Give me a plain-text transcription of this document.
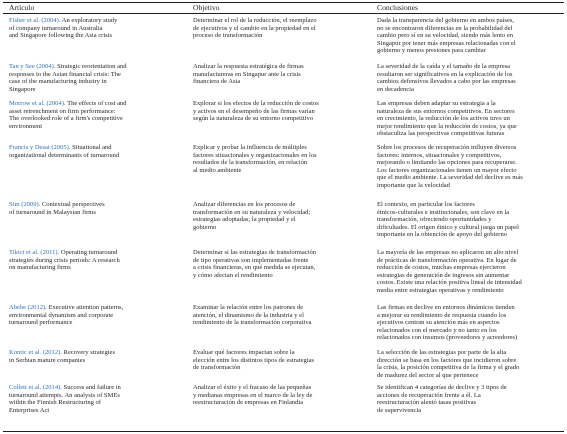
Artículo	Objetivo	Conclusiones
Fisher et al. (2004). An exploratory study
of company turnaround in Australia
and Singapore following the Asia crisis
Determinar el rol de la reducción, el reemplazo
de ejecutivos y el cambio en la propiedad en el
proceso de transformación
Dada la transparencia del gobierno en ambos países,
no se encontraron diferencias en la probabilidad del
cambio pero sí en su velocidad, siendo más lento en
Singapur por tener más empresas relacionadas con el
gobierno y menos presiones para cambiar
Tan y See (2004). Strategic reorientation and
responses to the Asian financial crisis: The
case of the manufacturing industry in
Singapore
Analizar la respuesta estratégica de firmas
manufactureras en Singapur ante la crisis
financiera de Asia
La severidad de la caída y el tamaño de la empresa
resultaron ser significativos en la explicación de los
cambios defensivos llevados a cabo por las empresas
en decadencia
Morrow et al. (2004). The effects of cost and
asset retrenchment on firm performance:
The overlooked role of a firm's competitive
environment
Explorar si los efectos de la reducción de costos
y activos en el desempeño de las firmas varían
según la naturaleza de su entorno competitivo
Las empresas deben adaptar su estrategia a la
naturaleza de sus entornos competitivos. En sectores
en crecimiento, la reducción de los activos tuvo un
mejor rendimiento que la reducción de costos, ya que
obstaculiza las perspectivas competitivas futuras
Francis y Desai (2005). Situational and
organizational determinants of turnaround
Explicar y probar la influencia de múltiples
factores situacionales y organizacionales en los
resultados de la transformación, en relación
al medio ambiente
Sobre los procesos de recuperación influyen diversos
factores: internos, situacionales y competitivos,
mejorando o limitando las opciones para recuperarse.
Los factores organizacionales tienen un mayor efecto
que el medio ambiente. La severidad del declive es más
importante que la velocidad
Sim (2009). Contextual perspectives
of turnaround in Malaysian firms
Analizar diferencias en los procesos de
transformación en su naturaleza y velocidad;
estrategias adoptadas; la propiedad y el
gobierno
El contexto, en particular los factores
étnicos-culturales e institucionales, son clave en la
transformación, ofreciendo oportunidades y
dificultades. El origen étnico y cultural juega un papel
importante en la obtención de apoyo del gobierno
Tikici et al. (2011). Operating turnaround
strategies during crisis periods: A research
on manufacturing firms
Determinar si las estrategias de transformación
de tipo operativas son implementadas frente
a crisis financieras, en qué medida se ejecutan,
y cómo afectan el rendimiento
La mayoría de las empresas no aplicaron un alto nivel
de prácticas de transformación operativa. En lugar de
reducción de costos, muchas empresas ejercieron
estrategias de generación de ingresos sin aumentar
costos. Existe una relación positiva lineal de intensidad
media entre estrategias operativas y rendimiento
Abebe (2012). Executive attention patterns,
environmental dynamism and corporate
turnaround performance
Examinar la relación entre los patrones de
atención, el dinamismo de la industria y el
rendimiento de la transformación corporativa
Las firmas en declive en entornos dinámicos tienden
a mejorar su rendimiento de respuesta cuando los
ejecutivos centran su atención más en aspectos
relacionados con el mercado y no tanto en los
relacionados con insumos (proveedores y acreedores)
Kontic et al. (2012). Recovery strategies
in Serbian mature companies
Evaluar qué factores impactan sobre la
elección entre los distintos tipos de estrategias
de transformación
La selección de las estrategias por parte de la alta
dirección se basa en los factores que incidieron sobre
la crisis, la posición competitiva de la firma y el grado
de madurez del sector al que pertenece
Collett et al. (2014). Success and failure in
turnaround attempts. An analysis of SMEs
within the Finnish Restructuring of
Enterprises Act
Analizar el éxito y el fracaso de las pequeñas
y medianas empresas en el marco de la ley de
reestructuración de empresas en Finlandia
Se identifican 4 categorías de declive y 3 tipos de
acciones de recuperación frente a él. La
reestructuración alentó tasas positivas
de supervivencia
